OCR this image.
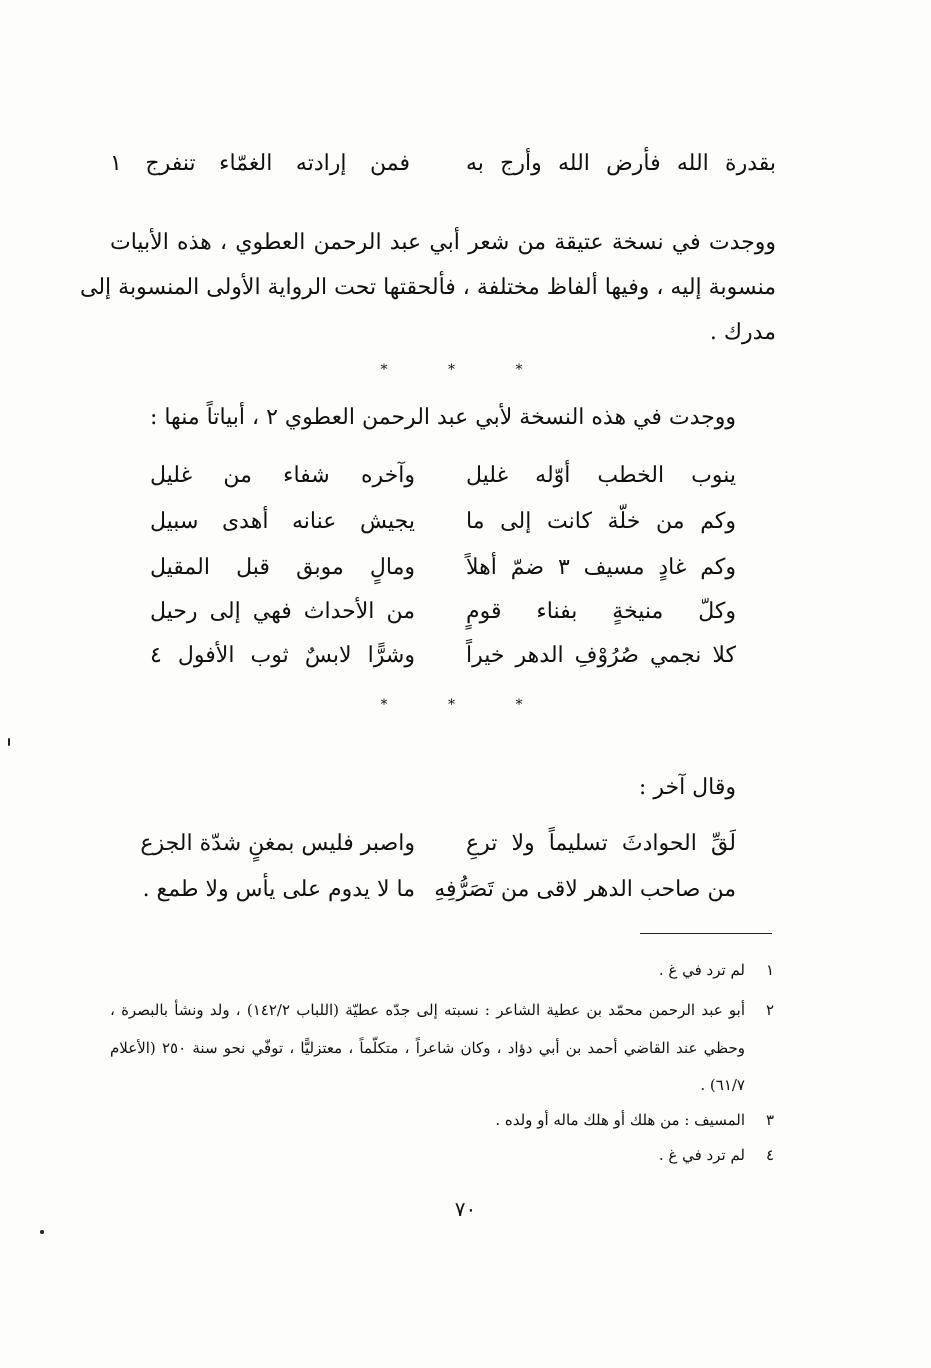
بقدرة الله فأرض الله وأرج به
فمن إرادته الغمّاء تنفرج ١
ووجدت في نسخة عتيقة من شعر أبي عبد الرحمن العطوي ، هذه الأبيات
منسوبة إليه ، وفيها ألفاظ مختلفة ، فألحقتها تحت الرواية الأولى المنسوبة إلى
مدرك .
* * *
ووجدت في هذه النسخة لأبي عبد الرحمن العطوي ٢ ، أبياتاً منها :
ينوب الخطب أوّله غليل
وآخره شفاء من غليل
وكم من خلّة كانت إلى ما
يجيش عنانه أهدى سبيل
وكم غادٍ مسيف ٣ ضمّ أهلاً
ومالٍ موبق قبل المقيل
وكلّ منيخةٍ بفناء قومٍ
من الأحداث فهي إلى رحيل
كلا نجمي صُرُوْفِ الدهر خيراً
وشرًّا لابسٌ ثوب الأفول ٤
* * *
وقال آخر :
لَقِّ الحوادثَ تسليماً ولا ترعِ
واصبر فليس بمغنٍ شدّة الجزع
من صاحب الدهر لاقى من تَصَرُّفِهِ
ما لا يدوم على يأس ولا طمع .
١
لم ترد في غ .
٢
أبو عبد الرحمن محمّد بن عطية الشاعر : نسبته إلى جدّه عطيّة (اللباب ١٤٢/٢) ، ولد ونشأ بالبصرة ،
وحظي عند القاضي أحمد بن أبي دؤاد ، وكان شاعراً ، متكلّماً ، معتزليًّا ، توفّي نحو سنة ٢٥٠ (الأعلام
٦١/٧) .
٣
المسيف : من هلك أو هلك ماله أو ولده .
٤
لم ترد في غ .
٧٠
